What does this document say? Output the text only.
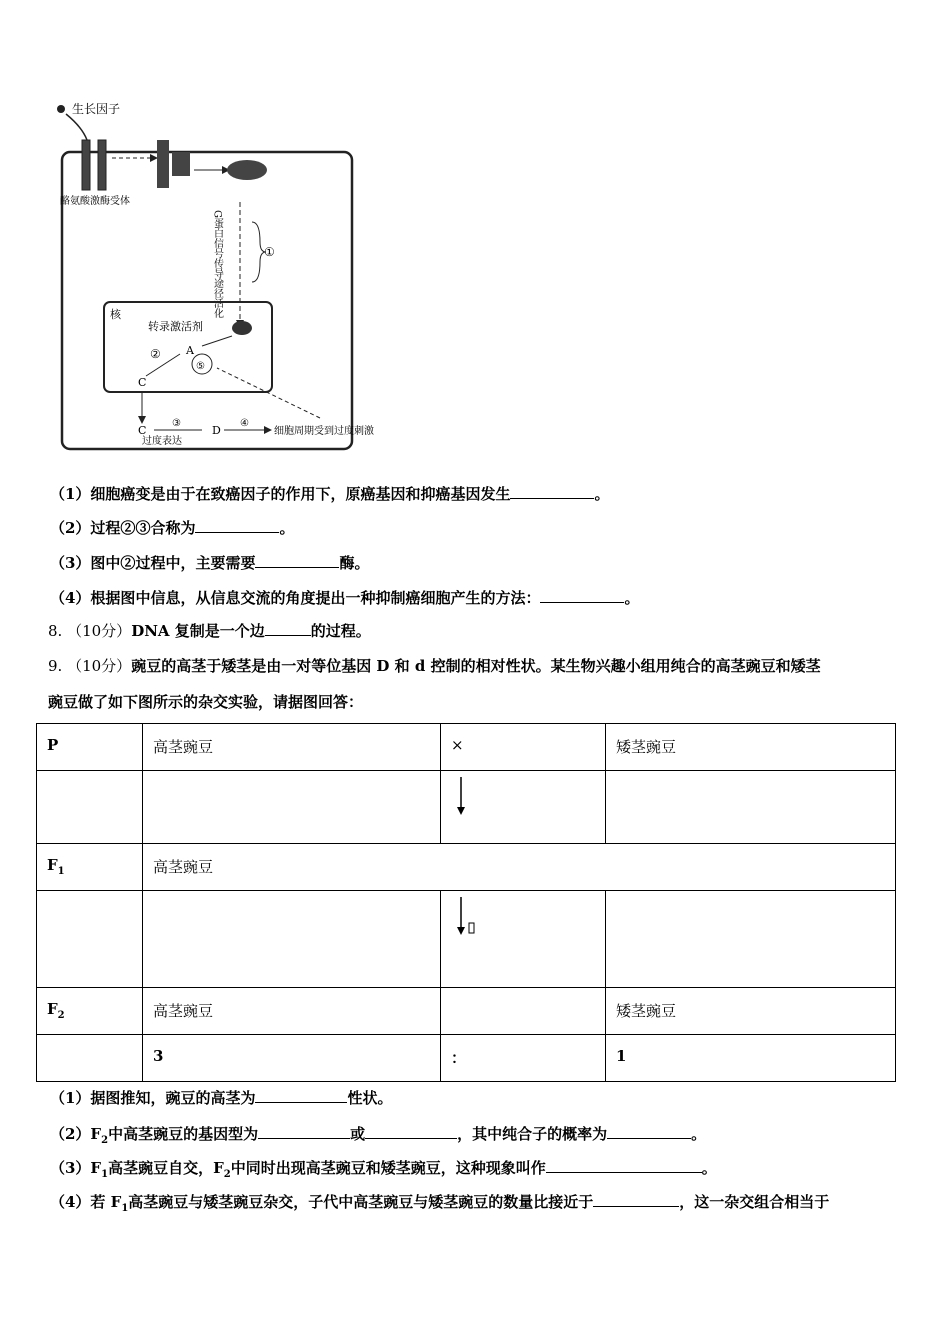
生长因子
酪氨酸激酶受体
G蛋白信号传导途径活化	①
核
转录激活剂
A
⑤
②
C
C
过度表达
③
D
④
细胞周期受到过度刺激
（1）细胞癌变是由于在致癌因子的作用下，原癌基因和抑癌基因发生	。
（2）过程②③合称为	。
（3）图中②过程中，主要需要	酶。
（4）根据图中信息，从信息交流的角度提出一种抑制癌细胞产生的方法：	。
8. （10分）DNA 复制是一个边	的过程。
9. （10分）豌豆的高茎于矮茎是由一对等位基因 D 和 d 控制的相对性状。某生物兴趣小组用纯合的高茎豌豆和矮茎
豌豆做了如下图所示的杂交实验，请据图回答：
P	高茎豌豆	×	矮茎豌豆

$F_1$	高茎豌豆		

$F_2$	高茎豌豆		矮茎豌豆

	3	：	1
（1）据图推知，豌豆的高茎为	性状。
$(2)F_2$中高茎豌豆的基因型为	或	，其中纯合子的概率为	。
$(3)F_1$高茎豌豆自交，$F_2$中同时出现高茎豌豆和矮茎豌豆，这种现象叫作	。
（4）若 $F_1$高茎豌豆与矮茎豌豆杂交，子代中高茎豌豆与矮茎豌豆的数量比接近于	，这一杂交组合相当于
